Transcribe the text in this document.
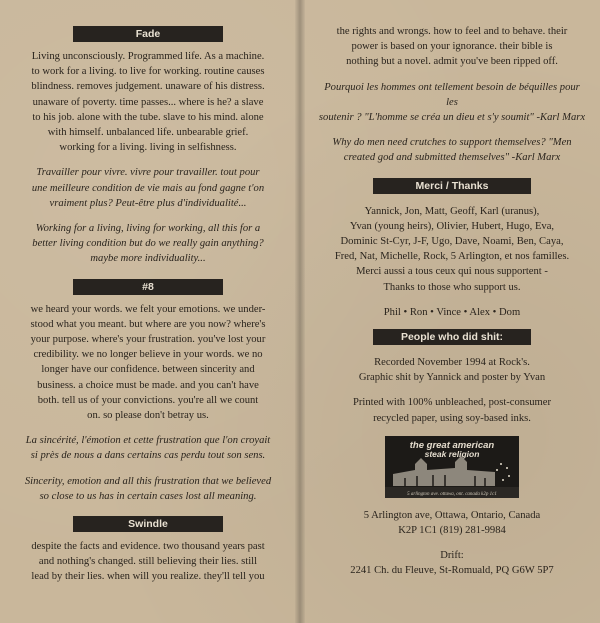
Fade

Living unconsciously. Programmed life. As a machine.

to work for a living. to live for working. routine causes

blindness. removes judgement. unaware of his distress.

unaware of poverty. time passes... where is he? a slave

to his job. alone with the tube. slave to his mind. alone

with himself. unbalanced life. unbearable grief.

working for a living. living in selfishness.

Travailler pour vivre. vivre pour travailler. tout pour

une meilleure condition de vie mais au fond gagne t'on

vraiment plus? Peut-être plus d'individualité...

Working for a living, living for working, all this for a

better living condition but do we really gain anything?

maybe more individuality...

#8

we heard your words. we felt your emotions. we under-

stood what you meant. but where are you now? where's

your purpose. where's your frustration. you've lost your

credibility. we no longer believe in your words. we no

longer have our confidence. between sincerity and

business. a choice must be made. and you can't have

both. tell us of your convictions. you're all we count

on. so please don't betray us.

La sincérité, l'émotion et cette frustration que l'on croyait

si près de nous a dans certains cas perdu tout son sens.

Sincerity, emotion and all this frustration that we believed

so close to us has in certain cases lost all meaning.

Swindle

despite the facts and evidence. two thousand years past

and nothing's changed. still believing their lies. still

lead by their lies. when will you realize. they'll tell you

the rights and wrongs. how to feel and to behave. their

power is based on your ignorance. their bible is

nothing but a novel. admit you've been ripped off.

Pourquoi les hommes ont tellement besoin de béquilles pour les

soutenir ? "L'homme se créa un dieu et s'y soumit" -Karl Marx

Why do men need crutches to support themselves? "Men

created god and submitted themselves" -Karl Marx

Merci / Thanks

Yannick, Jon, Matt, Geoff, Karl (uranus),

Yvan (young heirs), Olivier, Hubert, Hugo, Eva,

Dominic St-Cyr, J-F, Ugo, Dave, Noami, Ben, Caya,

Fred, Nat, Michelle, Rock, 5 Arlington, et nos familles.

Merci aussi a tous ceux qui nous supportent -

Thanks to those who support us.

Phil • Ron • Vince • Alex • Dom

People who did shit:

Recorded November 1994 at Rock's.

Graphic shit by Yannick and poster by Yvan

Printed with 100% unbleached, post-consumer

recycled paper, using soy-based inks.

the great american
steak religion
5 arlington ave. ottawa, ont. canada k2p 1c1

5 Arlington ave, Ottawa, Ontario, Canada

K2P 1C1 (819) 281-9984

Drift:

2241 Ch. du Fleuve, St-Romuald, PQ G6W 5P7
